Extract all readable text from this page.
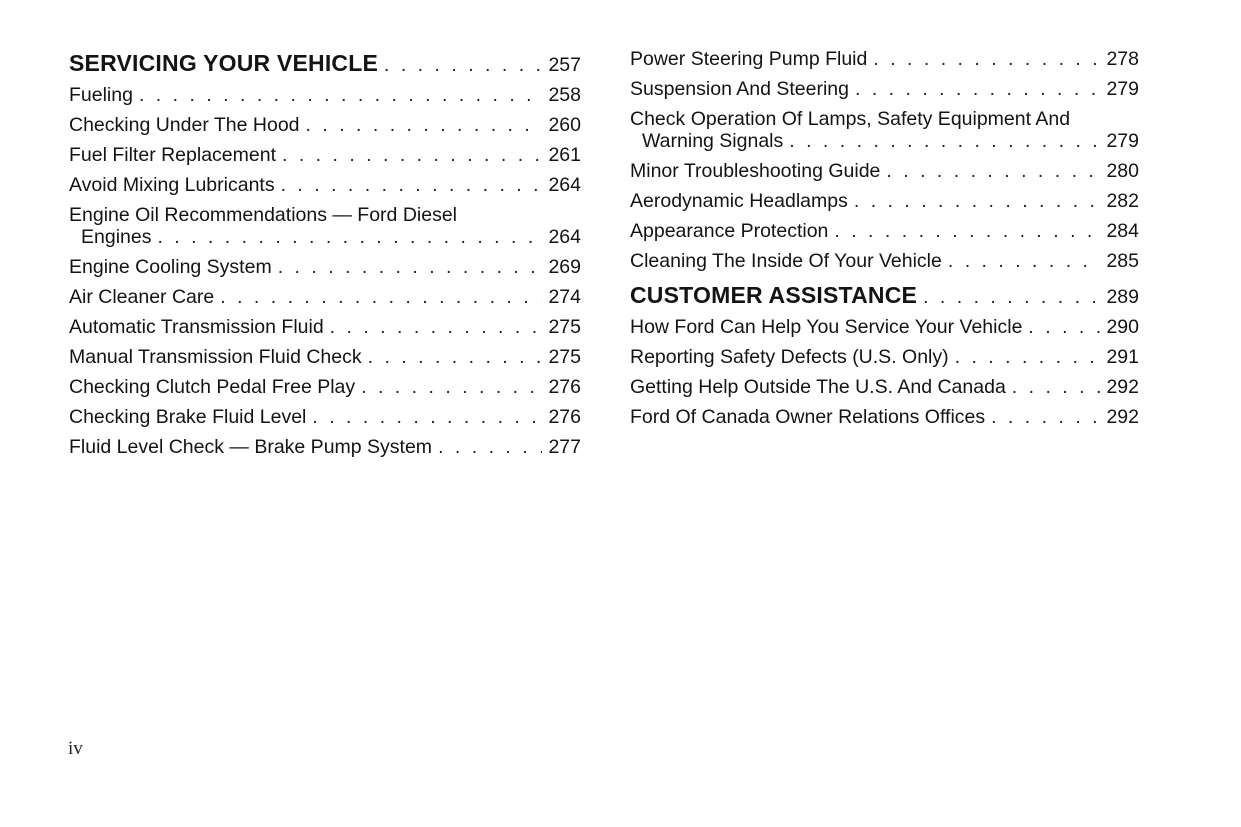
SERVICING YOUR VEHICLE . . .	257
Fueling . . .	258
Checking Under The Hood . . .	260
Fuel Filter Replacement . . .	261
Avoid Mixing Lubricants . . .	264
Engine Oil Recommendations — Ford Diesel
Engines . . .	264
Engine Cooling System . . .	269
Air Cleaner Care . . .	274
Automatic Transmission Fluid . . .	275
Manual Transmission Fluid Check . . .	275
Checking Clutch Pedal Free Play . . .	276
Checking Brake Fluid Level . . .	276
Fluid Level Check — Brake Pump System . . .	277
Power Steering Pump Fluid . . .	278
Suspension And Steering . . .	279
Check Operation Of Lamps, Safety Equipment And
Warning Signals . . .	279
Minor Troubleshooting Guide . . .	280
Aerodynamic Headlamps . . .	282
Appearance Protection . . .	284
Cleaning The Inside Of Your Vehicle . . .	285
CUSTOMER ASSISTANCE . . .	289
How Ford Can Help You Service Your Vehicle . . .	290
Reporting Safety Defects (U.S. Only) . . .	291
Getting Help Outside The U.S. And Canada . . .	292
Ford Of Canada Owner Relations Offices . . .	292
iv
